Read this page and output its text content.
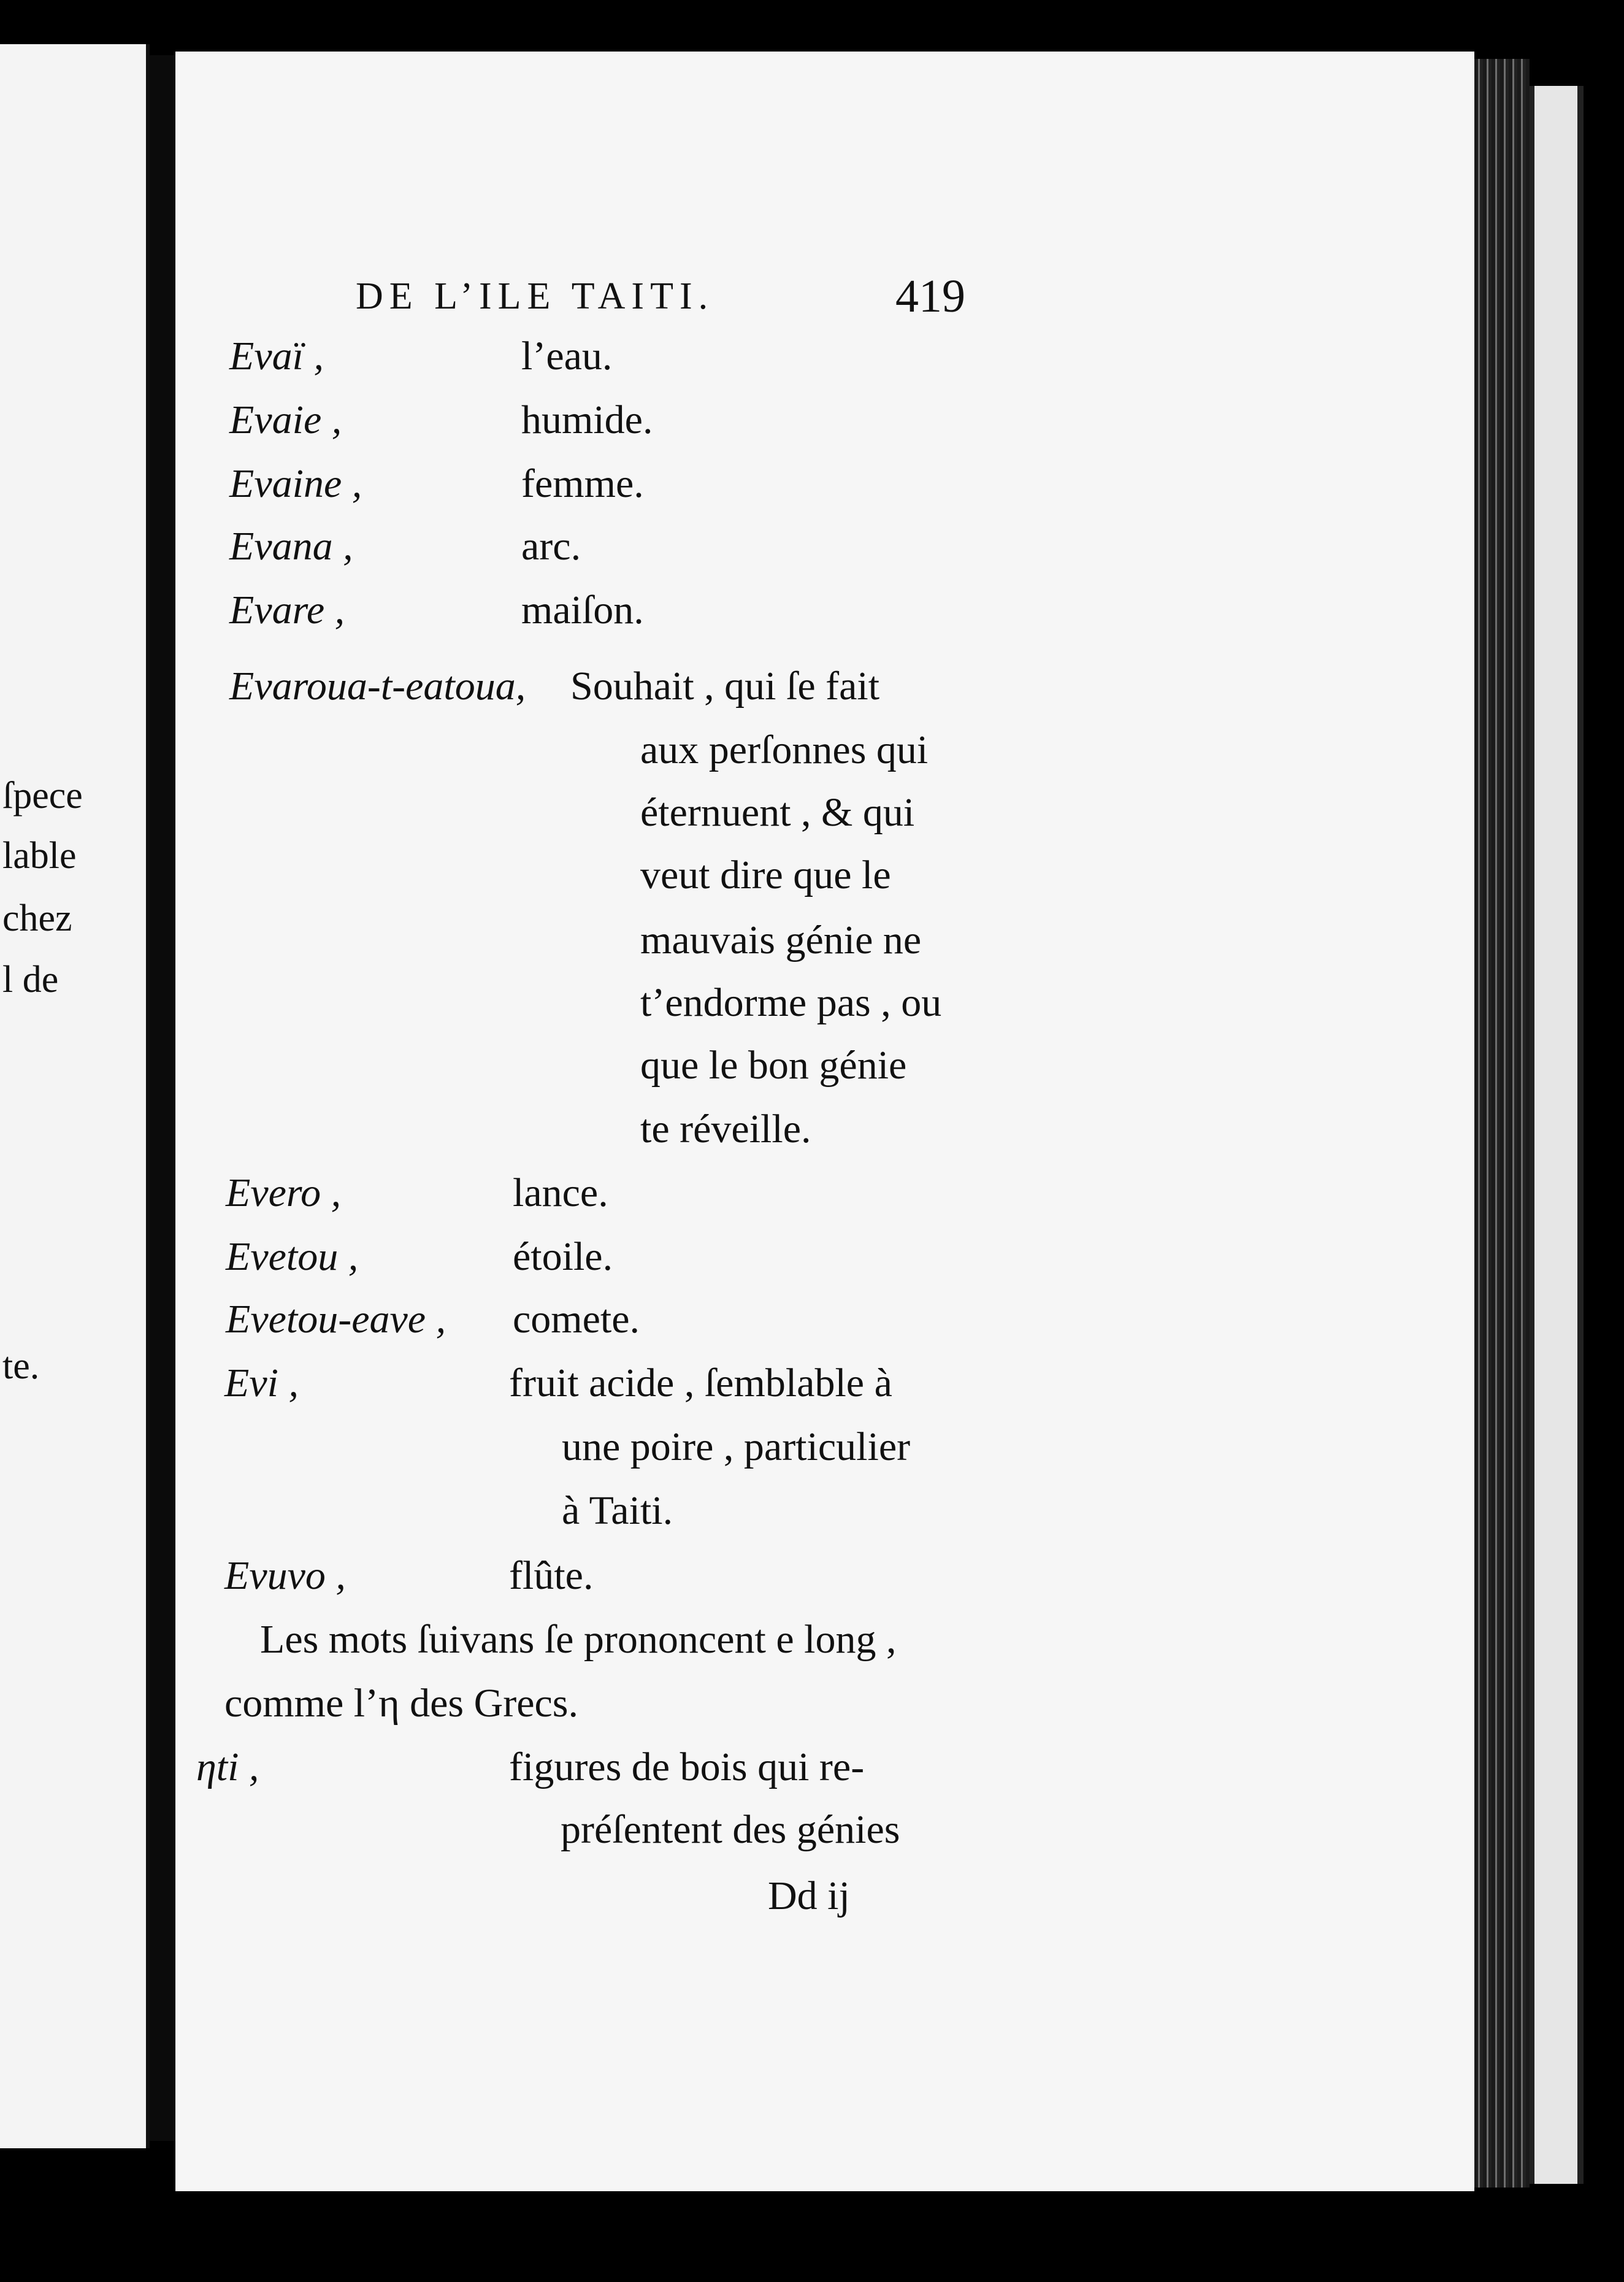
ſpece
lable
chez
l de
te.
DE L’ILE TAITI.	419
Evaï ,	l’eau.
Evaie ,	humide.
Evaine ,	femme.
Evana ,	arc.
Evare ,	maiſon.
Evaroua-t-eatoua, Souhait , qui ſe fait
aux perſonnes qui
éternuent , & qui
veut dire que le
mauvais génie ne
t’endorme pas , ou
que le bon génie
te réveille.
Evero ,	lance.
Evetou ,	étoile.
Evetou-eave , comete.
Evi ,	fruit acide , ſemblable à
une poire , particulier
à Taiti.
Evuvo ,	flûte.
Les mots ſuivans ſe prononcent e long ,
comme l’η des Grecs.
ηti ,	figures de bois qui re-
préſentent des génies
Dd ij
